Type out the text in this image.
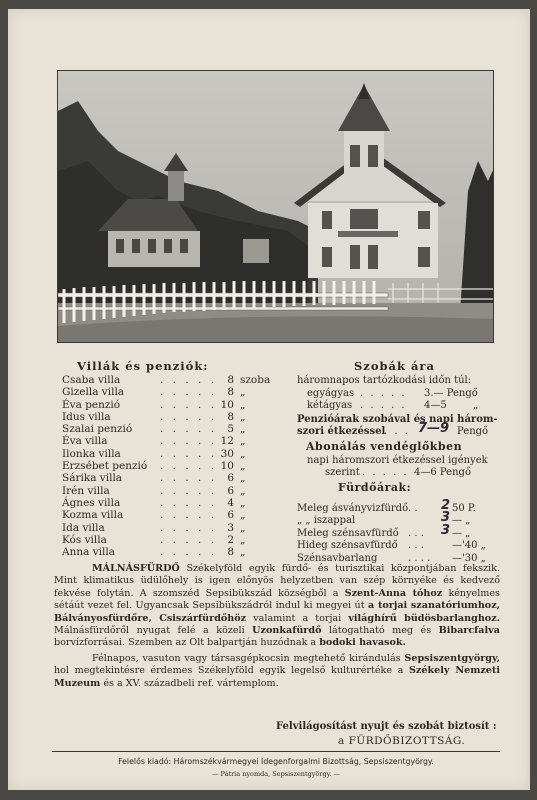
Villák és penziók:	Szobák ára
Csaba villa	. . . . . 8 szoba
Gizella villa	. . . . . 8 „
Éva penzió	. . . . . 10 „
Idus villa	. . . . . 8 „
Szalai penzió	. . . . . 5 „
Éva villa	. . . . . 12 „
Ilonka villa	. . . . . 30 „
Erzsébet penzió . . . . . 10 „
Sárika villa	. . . . . 6 „
Irén villa	. . . . . 6 „
Ágnes villa	. . . . . 4 „
Kozma villa	. . . . . 6 „
Ida villa	. . . . . 3 „
Kós villa	. . . . . 2 „
Anna villa	. . . . . 8 „
háromnapos tartózkodási időn túl:
egyágyas . . . . . 3.— Pengő
kétágyas . . . . . 4—5	„
Penzióárak szobával és napi három-
szori étkezéssel
. . . 7—9 Pengő
Abonálás vendéglőkben
napi háromszori étkezéssel igények
szerint . . . . . 4—6 Pengő
Fürdőárak:
Meleg ásványvizfürdő . . 2 50 P.
„ „ iszappal	3 — „
Meleg szénsavfürdő . . . 3 — „
Hideg szénsavfürdő . . .	—'40 „
Szénsavbarlang	. . . . —'30 „
MÁLNÁSFÜRDŐ Székelyföld egyik fürdő- és turisztikai központjában fekszik. Mint klimatikus üdülőhely is igen előnyös helyzetben van szép környéke és kedvező fekvése folytán. A szomszéd Sepsibükszád községből a Szent-Anna tóhoz kényelmes sétáút vezet fel. Ugyancsak Sepsibükszádról indul ki megyei út a torjai szanatóriumhoz, Bálványosfürdőre, Csiszárfürdőhöz valamint a torjai világhírű büdösbarlanghoz. Málnásfürdőről nyugat felé a közeli Uzonkafürdő látogatható meg és Bibarcfalva borvízforrásai. Szemben az Olt balpartján huzódnak a bodoki havasok.
Félnapos, vasuton vagy társasgépkocsin megtehető kirándulás Sepsiszentgyörgy, hol megtekintésre érdemes Székelyföld egyik legelső kulturértéke a Székely Nemzeti Muzeum és a XV. századbeli ref. vártemplom.
Felvilágosítást nyujt és szobát biztosít :
a FÜRDŐBIZOTTSÁG.
Felelős kiadó: Háromszékvármegyei Idegenforgalmi Bizottság, Sepsiszentgyörgy.
— Pátria nyomda, Sepsiszentgyörgy. —
